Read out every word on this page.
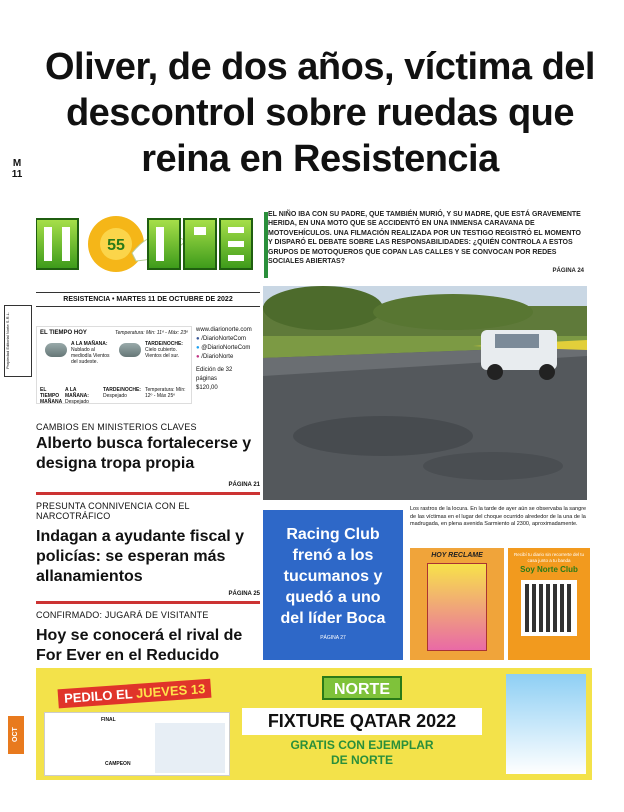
Oliver, de dos años, víctima del descontrol sobre ruedas que reina en Resistencia
M 11
55
RESISTENCIA • MARTES 11 DE OCTUBRE DE 2022
Propiedad Editorial Norte S.R.L.	EL TIEMPO HOY	Temperatura: Min: 11º - Máx: 23º
A LA MAÑANA: Nublado al mediodía Vientos del sudeste.
TARDE/NOCHE: Cielo cubierto. Vientos del sur.
EL TIEMPO MAÑANA
A LA MAÑANA: Despejado
TARDE/NOCHE: Despejado
Temperatura: Mín: 12º - Máx 25º
www.diarionorte.com
● /DiarioNorteCom
● @DiarioNorteCom
● /DiarioNorte
Edición de 32 páginas
$120,00
CAMBIOS EN MINISTERIOS CLAVES
Alberto busca fortalecerse y designa tropa propia
PÁGINA 21
PRESUNTA CONNIVENCIA CON EL NARCOTRÁFICO
Indagan a ayudante fiscal y policías: se esperan más allanamientos
PÁGINA 25
CONFIRMADO: JUGARÁ DE VISITANTE
Hoy se conocerá el rival de For Ever en el Reducido
EL NIÑO IBA CON SU PADRE, QUE TAMBIÉN MURIÓ, Y SU MADRE, QUE ESTÁ GRAVEMENTE HERIDA, EN UNA MOTO QUE SE ACCIDENTÓ EN UNA INMENSA CARAVANA DE MOTOVEHÍCULOS. UNA FILMACIÓN REALIZADA POR UN TESTIGO REGISTRÓ EL MOMENTO Y DISPARÓ EL DEBATE SOBRE LAS RESPONSABILIDADES: ¿QUIÉN CONTROLA A ESTOS GRUPOS DE MOTOQUEROS QUE COPAN LAS CALLES Y SE CONVOCAN POR REDES SOCIALES ABIERTAS?
PÁGINA 24
Los rastros de la locura. En la tarde de ayer aún se observaba la sangre de las víctimas en el lugar del choque ocurrido alrededor de la una de la madrugada, en plena avenida Sarmiento al 2300, aproximadamente.
Racing Club frenó a los tucumanos y quedó a uno del líder Boca
PÁGINA 27
HOY RECLAME	Recibí tu diario sin recorrerte del tu casa junto a tu banda
Soy Norte Club
PEDILO EL JUEVES 13
FINAL
CAMPEON
NORTE
FIXTURE QATAR 2022
GRATIS CON EJEMPLAR
DE NORTE
OCT
